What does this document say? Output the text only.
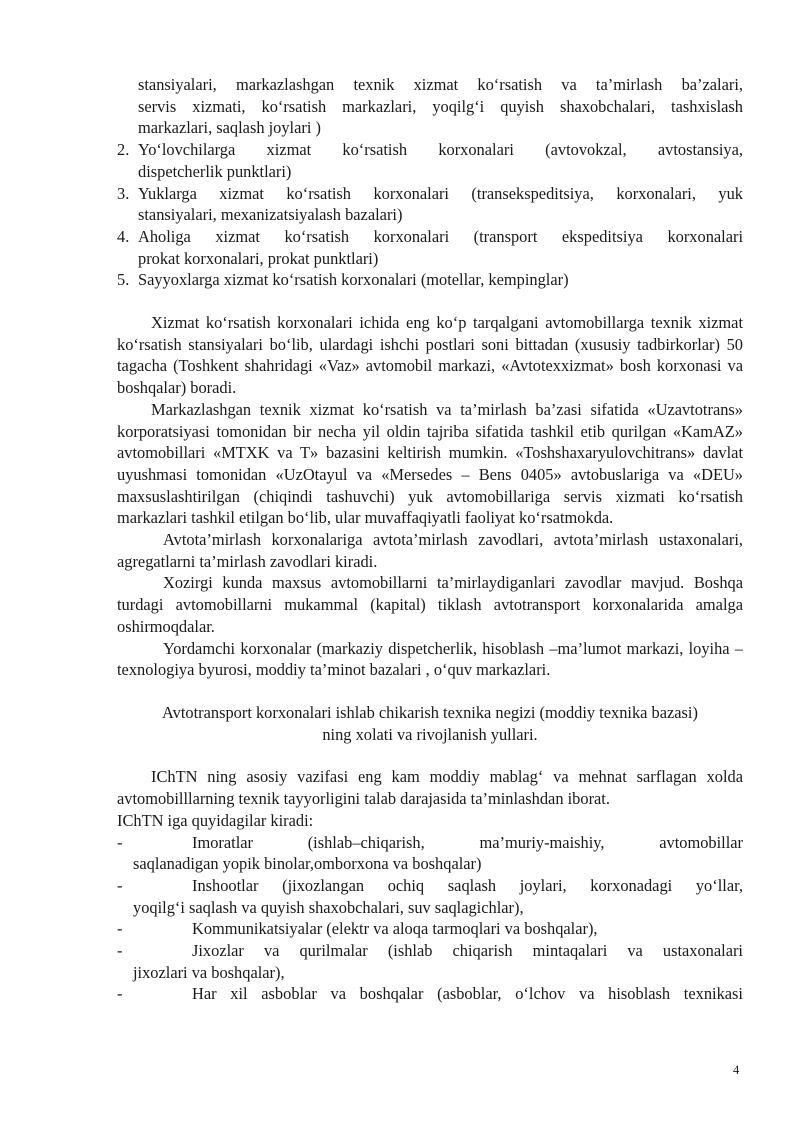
stansiyalari, markazlashgan texnik xizmat ko‘rsatish va ta’mirlash ba’zalari,

servis xizmati, ko‘rsatish markazlari, yoqilg‘i quyish shaxobchalari, tashxislash

markazlari, saqlash joylari )

2. Yo‘lovchilarga xizmat ko‘rsatish korxonalari (avtovokzal, avtostansiya,

dispetcherlik punktlari)

3. Yuklarga xizmat ko‘rsatish korxonalari (transekspeditsiya, korxonalari, yuk

stansiyalari, mexanizatsiyalash bazalari)

4. Aholiga xizmat ko‘rsatish korxonalari (transport ekspeditsiya korxonalari

prokat korxonalari, prokat punktlari)

5. Sayyoxlarga xizmat ko‘rsatish korxonalari (motellar, kempinglar)

Xizmat ko‘rsatish korxonalari ichida eng ko‘p tarqalgani avtomobillarga texnik xizmat ko‘rsatish stansiyalari bo‘lib, ulardagi ishchi postlari soni bittadan (xususiy tadbirkorlar) 50 tagacha (Toshkent shahridagi «Vaz» avtomobil markazi, «Avtotexxizmat» bosh korxonasi va boshqalar) boradi.

Markazlashgan texnik xizmat ko‘rsatish va ta’mirlash ba’zasi sifatida «Uzavtotrans» korporatsiyasi tomonidan bir necha yil oldin tajriba sifatida tashkil etib qurilgan «KamAZ» avtomobillari «MTXK va T» bazasini keltirish mumkin. «Toshshaxaryulovchitrans» davlat uyushmasi tomonidan «UzOtayul va «Mersedes – Bens 0405» avtobuslariga va «DEU» maxsuslashtirilgan (chiqindi tashuvchi) yuk avtomobillariga servis xizmati ko‘rsatish markazlari tashkil etilgan bo‘lib, ular muvaffaqiyatli faoliyat ko‘rsatmokda.

Avtota’mirlash korxonalariga avtota’mirlash zavodlari, avtota’mirlash ustaxonalari, agregatlarni ta’mirlash zavodlari kiradi.

Xozirgi kunda maxsus avtomobillarni ta’mirlaydiganlari zavodlar mavjud. Boshqa turdagi avtomobillarni mukammal (kapital) tiklash avtotransport korxonalarida amalga oshirmoqdalar.

Yordamchi korxonalar (markaziy dispetcherlik, hisoblash –ma’lumot markazi, loyiha – texnologiya byurosi, moddiy ta’minot bazalari , o‘quv markazlari.

Avtotransport korxonalari ishlab chikarish texnika negizi (moddiy texnika bazasi)
ning xolati va rivojlanish yullari.

IChTN ning asosiy vazifasi eng kam moddiy mablag‘ va mehnat sarflagan xolda avtomobilllarning texnik tayyorligini talab darajasida ta’minlashdan iborat.

IChTN iga quyidagilar kiradi:

-	Imoratlar (ishlab–chiqarish, ma’muriy-maishiy, avtomobillar
saqlanadigan yopik binolar,omborxona va boshqalar)
-	Inshootlar (jixozlangan ochiq saqlash joylari, korxonadagi yo‘llar,
yoqilg‘i saqlash va quyish shaxobchalari, suv saqlagichlar),
-	Kommunikatsiyalar (elektr va aloqa tarmoqlari va boshqalar),
-	Jixozlar va qurilmalar (ishlab chiqarish mintaqalari va ustaxonalari
jixozlari va boshqalar),
-	Har xil asboblar va boshqalar (asboblar, o‘lchov va hisoblash texnikasi
4
